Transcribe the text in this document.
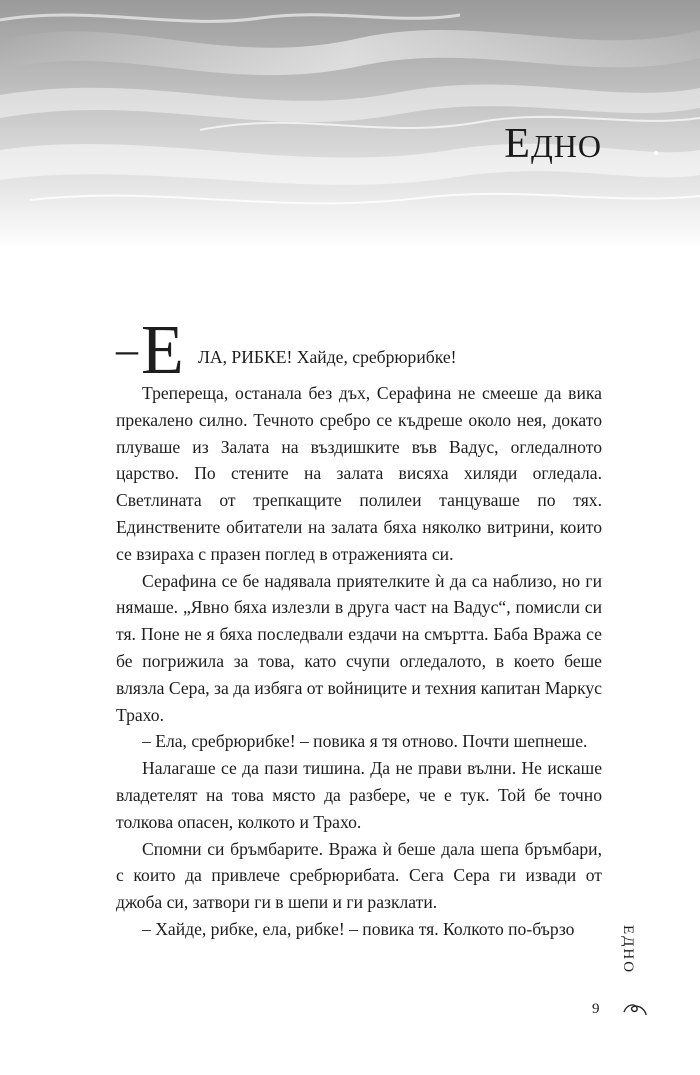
ЕДНО
– Е ЛА, РИБКЕ! Хайде, сребрюрибке!

Трепереща, останала без дъх, Серафина не смееше да вика прекалено силно. Течното сребро се къдреше около нея, докато плуваше из Залата на въздишките във Вадус, огледалното царство. По стените на залата висяха хиляди огледала. Светлината от трепкащите полилеи танцуваше по тях. Единствените обитатели на залата бяха няколко витрини, които се взираха с празен поглед в отраженията си.

Серафина се бе надявала приятелките ѝ да са наблизо, но ги нямаше. „Явно бяха излезли в друга част на Вадус“, помисли си тя. Поне не я бяха последвали ездачи на смъртта. Баба Вража се бе погрижила за това, като счупи огледалото, в което беше влязла Сера, за да избяга от войниците и техния капитан Маркус Трахо.

– Ела, сребрюрибке! – повика я тя отново. Почти шепнеше.

Налагаше се да пази тишина. Да не прави вълни. Не искаше владетелят на това място да разбере, че е тук. Той бе точно толкова опасен, колкото и Трахо.

Спомни си бръмбарите. Вража ѝ беше дала шепа бръмбари, с които да привлече сребрюрибата. Сега Сера ги извади от джоба си, затвори ги в шепи и ги разклати.

– Хайде, рибке, ела, рибке! – повика тя. Колкото по-бързо	ЕДНО
9
